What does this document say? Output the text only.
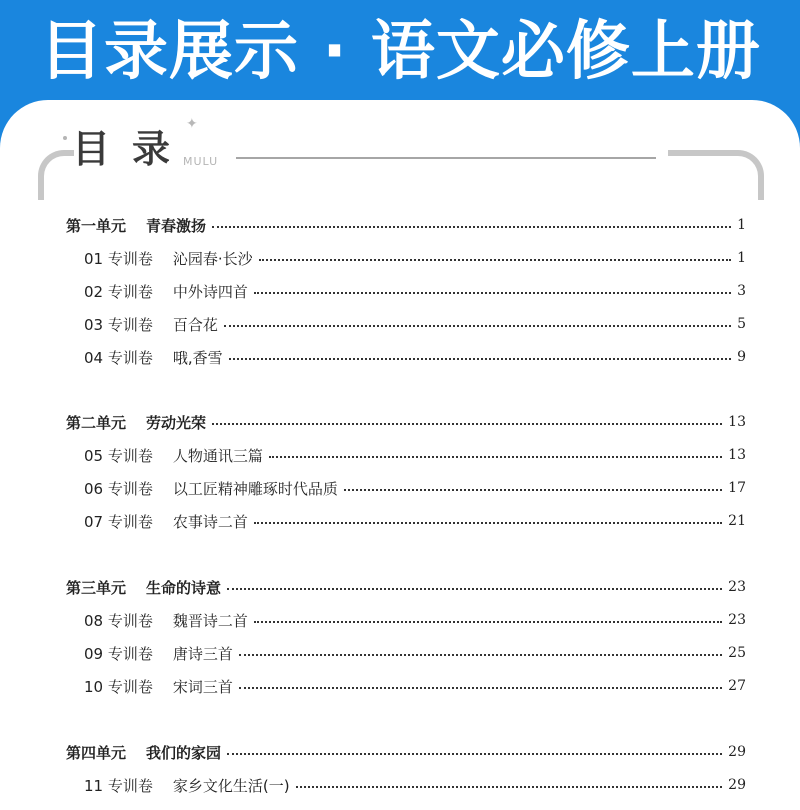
目录展示 · 语文必修上册
目录
✦
MULU
第一单元 青春激扬	1
01 专训卷 沁园春·长沙	1
02 专训卷 中外诗四首	3
03 专训卷 百合花	5
04 专训卷 哦,香雪	9
第二单元 劳动光荣	13
05 专训卷 人物通讯三篇	13
06 专训卷 以工匠精神雕琢时代品质	17
07 专训卷 农事诗二首	21
第三单元 生命的诗意	23
08 专训卷 魏晋诗二首	23
09 专训卷 唐诗三首	25
10 专训卷 宋词三首	27
第四单元 我们的家园	29
11 专训卷 家乡文化生活(一)	29
